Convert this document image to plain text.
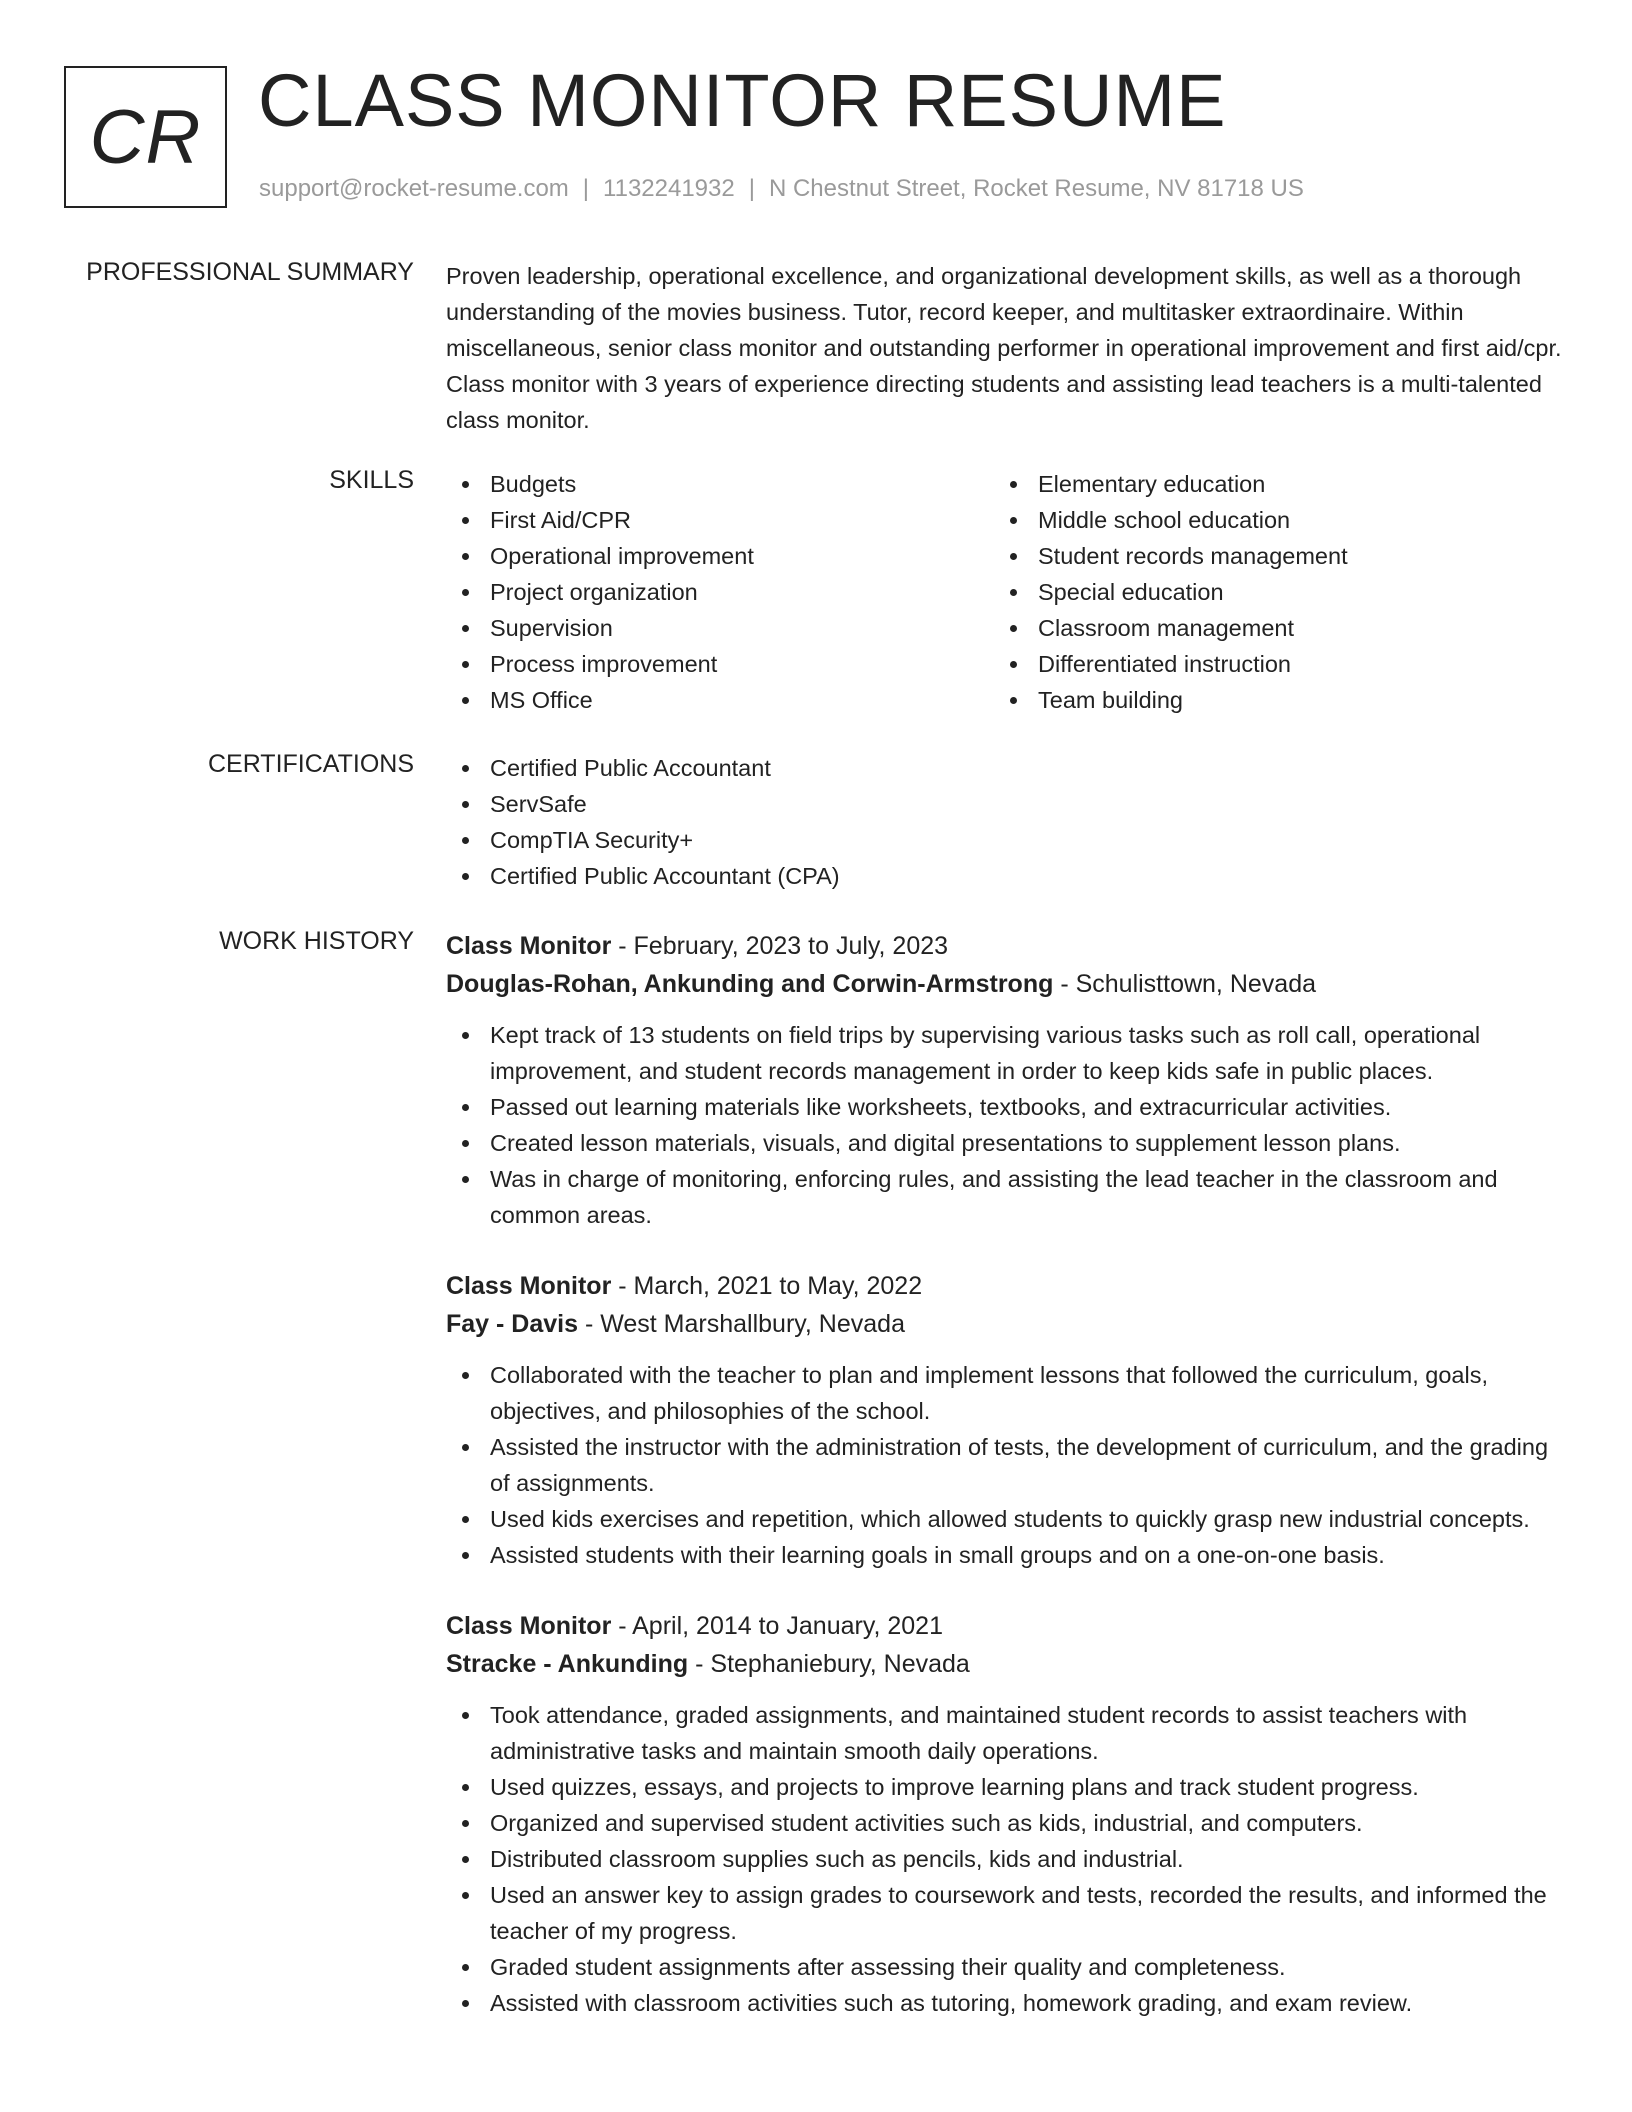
CR CLASS MONITOR RESUME
support@rocket-resume.com | 1132241932 | N Chestnut Street, Rocket Resume, NV 81718 US
PROFESSIONAL SUMMARY Proven leadership, operational excellence, and organizational development skills, as well as a thorough understanding of the movies business. Tutor, record keeper, and multitasker extraordinaire. Within miscellaneous, senior class monitor and outstanding performer in operational improvement and first aid/cpr. Class monitor with 3 years of experience directing students and assisting lead teachers is a multi-talented class monitor.

SKILLS	Budgets
First Aid/CPR
Operational improvement
Project organization
Supervision
Process improvement
MS Office
Elementary education
Middle school education
Student records management
Special education
Classroom management
Differentiated instruction
Team building
CERTIFICATIONS	Certified Public Accountant
ServSafe
CompTIA Security+
Certified Public Accountant (CPA)
WORK HISTORY Class Monitor - February, 2023 to July, 2023
Douglas-Rohan, Ankunding and Corwin-Armstrong - Schulisttown, Nevada
Kept track of 13 students on field trips by supervising various tasks such as roll call, operational improvement, and student records management in order to keep kids safe in public places.
Passed out learning materials like worksheets, textbooks, and extracurricular activities.
Created lesson materials, visuals, and digital presentations to supplement lesson plans.
Was in charge of monitoring, enforcing rules, and assisting the lead teacher in the classroom and common areas.
Class Monitor - March, 2021 to May, 2022
Fay - Davis - West Marshallbury, Nevada
Collaborated with the teacher to plan and implement lessons that followed the curriculum, goals, objectives, and philosophies of the school.
Assisted the instructor with the administration of tests, the development of curriculum, and the grading of assignments.
Used kids exercises and repetition, which allowed students to quickly grasp new industrial concepts.
Assisted students with their learning goals in small groups and on a one-on-one basis.
Class Monitor - April, 2014 to January, 2021
Stracke - Ankunding - Stephaniebury, Nevada
Took attendance, graded assignments, and maintained student records to assist teachers with administrative tasks and maintain smooth daily operations.
Used quizzes, essays, and projects to improve learning plans and track student progress.
Organized and supervised student activities such as kids, industrial, and computers.
Distributed classroom supplies such as pencils, kids and industrial.
Used an answer key to assign grades to coursework and tests, recorded the results, and informed the teacher of my progress.
Graded student assignments after assessing their quality and completeness.
Assisted with classroom activities such as tutoring, homework grading, and exam review.
